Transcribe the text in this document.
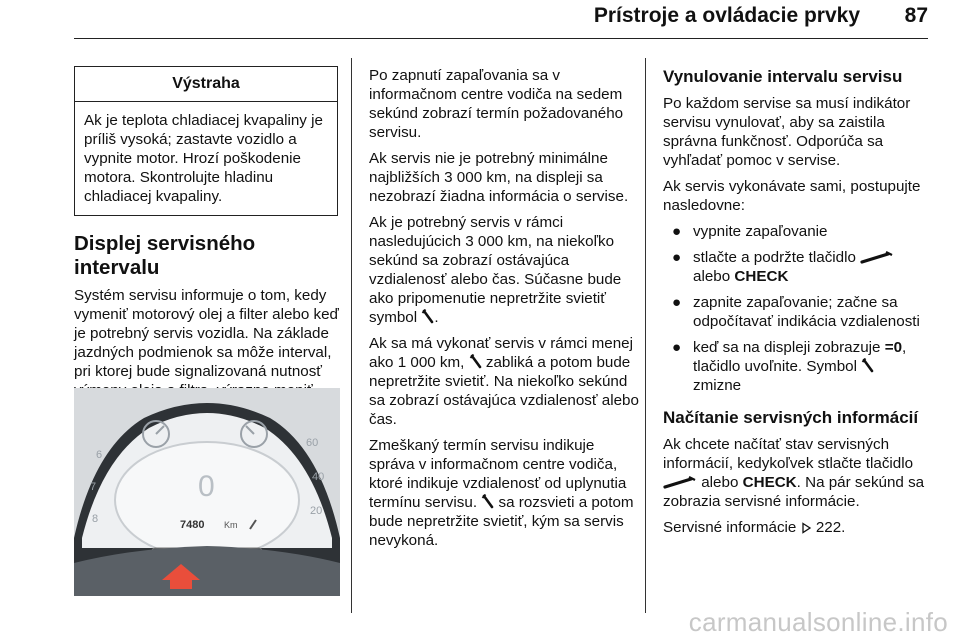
Prístroje a ovládacie prvky 87
Výstraha
Ak je teplota chladiacej kvapaliny je príliš vysoká; zastavte vozidlo a vypnite motor. Hrozí poškodenie motora. Skontrolujte hladinu chladiacej kvapaliny.
Displej servisného intervalu

Systém servisu informuje o tom, kedy vymeniť motorový olej a filter alebo keď je potrebný servis vozidla. Na základe jazdných podmienok sa môže interval, pri ktorej bude signalizovaná nutnosť

6
7
8
60
40
20
0
7480 Km

Po zapnutí zapaľovania sa v informačnom centre vodiča na sedem sekúnd zobrazí termín požadovaného servisu.

Ak servis nie je potrebný minimálne najbližších 3 000 km, na displeji sa nezobrazí žiadna informácia o servise.

Ak je potrebný servis v rámci nasledujúcich 3 000 km, na niekoľko sekúnd sa zobrazí ostávajúca vzdialenosť alebo čas. Súčasne bude ako pripomenutie nepretržite svietiť symbol .

Ak sa má vykonať servis v rámci menej ako 1 000 km, zabliká a potom bude nepretržite svietiť. Na niekoľko sekúnd sa zobrazí ostávajúca vzdialenosť alebo čas.

Zmeškaný termín servisu indikuje správa v informačnom centre vodiča, ktoré indikuje vzdialenosť od uplynutia termínu servisu. sa rozsvieti a potom bude nepretržite svietiť, kým sa servis nevykoná.

Vynulovanie intervalu servisu

Po každom servise sa musí indikátor servisu vynulovať, aby sa zaistila správna funkčnosť. Odporúča sa vyhľadať pomoc v servise.

Ak servis vykonávate sami, postupujte nasledovne:

● vypnite zapaľovanie
● stlačte a podržte tlačidlo
alebo CHECK
● zapnite zapaľovanie; začne sa odpočítavať indikácia vzdialenosti
● keď sa na displeji zobrazuje =0, tlačidlo uvoľnite. Symbol
zmizne
Načítanie servisných informácií

Ak chcete načítať stav servisných informácií, kedykoľvek stlačte tlačidlo  alebo CHECK. Na pár sekúnd sa zobrazia servisné informácie.

Servisné informácie 222.

carmanualsonline.info
